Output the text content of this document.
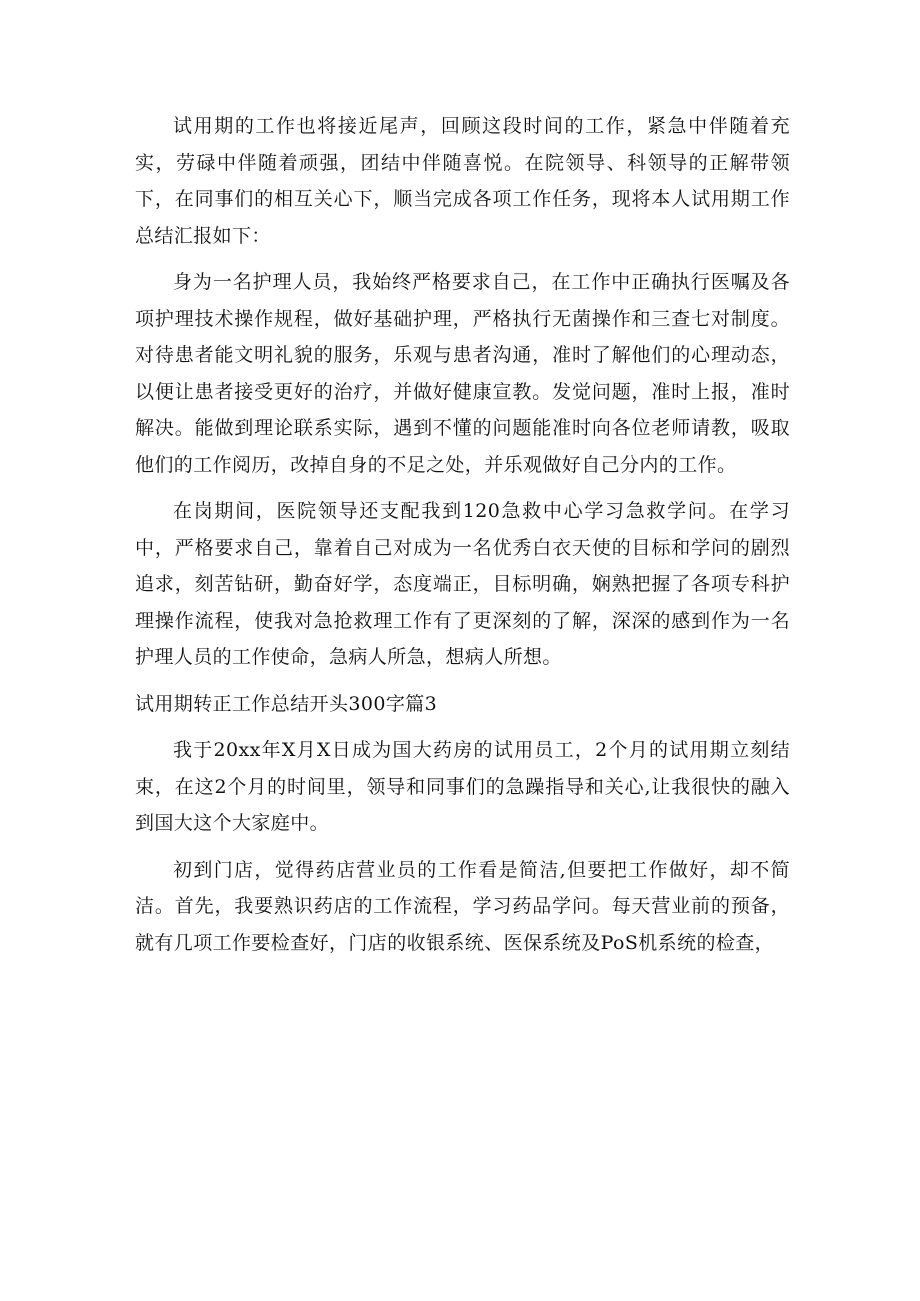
试用期的工作也将接近尾声，回顾这段时间的工作，紧急中伴随着充实，劳碌中伴随着顽强，团结中伴随喜悦。在院领导、科领导的正解带领下，在同事们的相互关心下，顺当完成各项工作任务，现将本人试用期工作总结汇报如下：

身为一名护理人员，我始终严格要求自己，在工作中正确执行医嘱及各项护理技术操作规程，做好基础护理，严格执行无菌操作和三查七对制度。对待患者能文明礼貌的服务，乐观与患者沟通，准时了解他们的心理动态，以便让患者接受更好的治疗，并做好健康宣教。发觉问题，准时上报，准时解决。能做到理论联系实际，遇到不懂的问题能准时向各位老师请教，吸取他们的工作阅历，改掉自身的不足之处，并乐观做好自己分内的工作。

在岗期间，医院领导还支配我到120急救中心学习急救学问。在学习中，严格要求自己，靠着自己对成为一名优秀白衣天使的目标和学问的剧烈追求，刻苦钻研，勤奋好学，态度端正，目标明确，娴熟把握了各项专科护理操作流程，使我对急抢救理工作有了更深刻的了解，深深的感到作为一名护理人员的工作使命，急病人所急，想病人所想。

试用期转正工作总结开头300字篇3

我于20xx年X月X日成为国大药房的试用员工，2个月的试用期立刻结束，在这2个月的时间里，领导和同事们的急躁指导和关心,让我很快的融入到国大这个大家庭中。

初到门店，觉得药店营业员的工作看是简洁,但要把工作做好，却不简洁。首先，我要熟识药店的工作流程，学习药品学问。每天营业前的预备，就有几项工作要检查好，门店的收银系统、医保系统及PoS机系统的检查，
